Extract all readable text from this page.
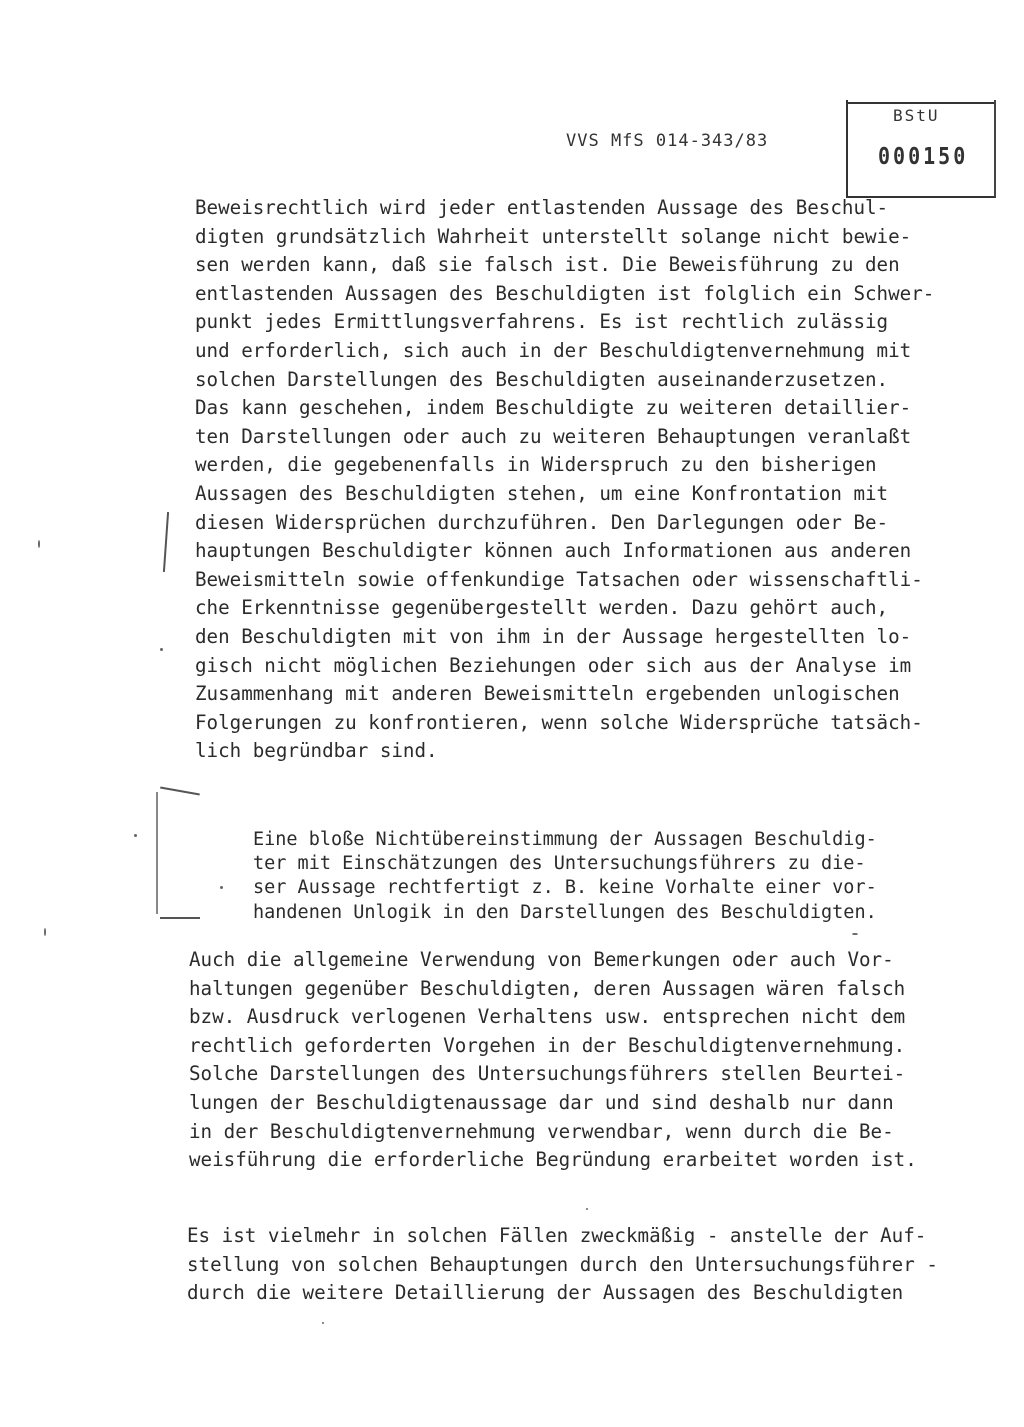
VVS MfS 014-343/83
BStU
000150
Beweisrechtlich wird jeder entlastenden Aussage des Beschul-
digten grundsätzlich Wahrheit unterstellt solange nicht bewie-
sen werden kann, daß sie falsch ist. Die Beweisführung zu den
entlastenden Aussagen des Beschuldigten ist folglich ein Schwer-
punkt jedes Ermittlungsverfahrens. Es ist rechtlich zulässig
und erforderlich, sich auch in der Beschuldigtenvernehmung mit
solchen Darstellungen des Beschuldigten auseinanderzusetzen.
Das kann geschehen, indem Beschuldigte zu weiteren detaillier-
ten Darstellungen oder auch zu weiteren Behauptungen veranlaßt
werden, die gegebenenfalls in Widerspruch zu den bisherigen
Aussagen des Beschuldigten stehen, um eine Konfrontation mit
diesen Widersprüchen durchzuführen. Den Darlegungen oder Be-
hauptungen Beschuldigter können auch Informationen aus anderen
Beweismitteln sowie offenkundige Tatsachen oder wissenschaftli-
che Erkenntnisse gegenübergestellt werden. Dazu gehört auch,
den Beschuldigten mit von ihm in der Aussage hergestellten lo-
gisch nicht möglichen Beziehungen oder sich aus der Analyse im
Zusammenhang mit anderen Beweismitteln ergebenden unlogischen
Folgerungen zu konfrontieren, wenn solche Widersprüche tatsäch-
lich begründbar sind.
Eine bloße Nichtübereinstimmung der Aussagen Beschuldig-
ter mit Einschätzungen des Untersuchungsführers zu die-
ser Aussage rechtfertigt z. B. keine Vorhalte einer vor-
handenen Unlogik in den Darstellungen des Beschuldigten.
Auch die allgemeine Verwendung von Bemerkungen oder auch Vor-
haltungen gegenüber Beschuldigten, deren Aussagen wären falsch
bzw. Ausdruck verlogenen Verhaltens usw. entsprechen nicht dem
rechtlich geforderten Vorgehen in der Beschuldigtenvernehmung.
Solche Darstellungen des Untersuchungsführers stellen Beurtei-
lungen der Beschuldigtenaussage dar und sind deshalb nur dann
in der Beschuldigtenvernehmung verwendbar, wenn durch die Be-
weisführung die erforderliche Begründung erarbeitet worden ist.
Es ist vielmehr in solchen Fällen zweckmäßig - anstelle der Auf-
stellung von solchen Behauptungen durch den Untersuchungsführer -
durch die weitere Detaillierung der Aussagen des Beschuldigten
